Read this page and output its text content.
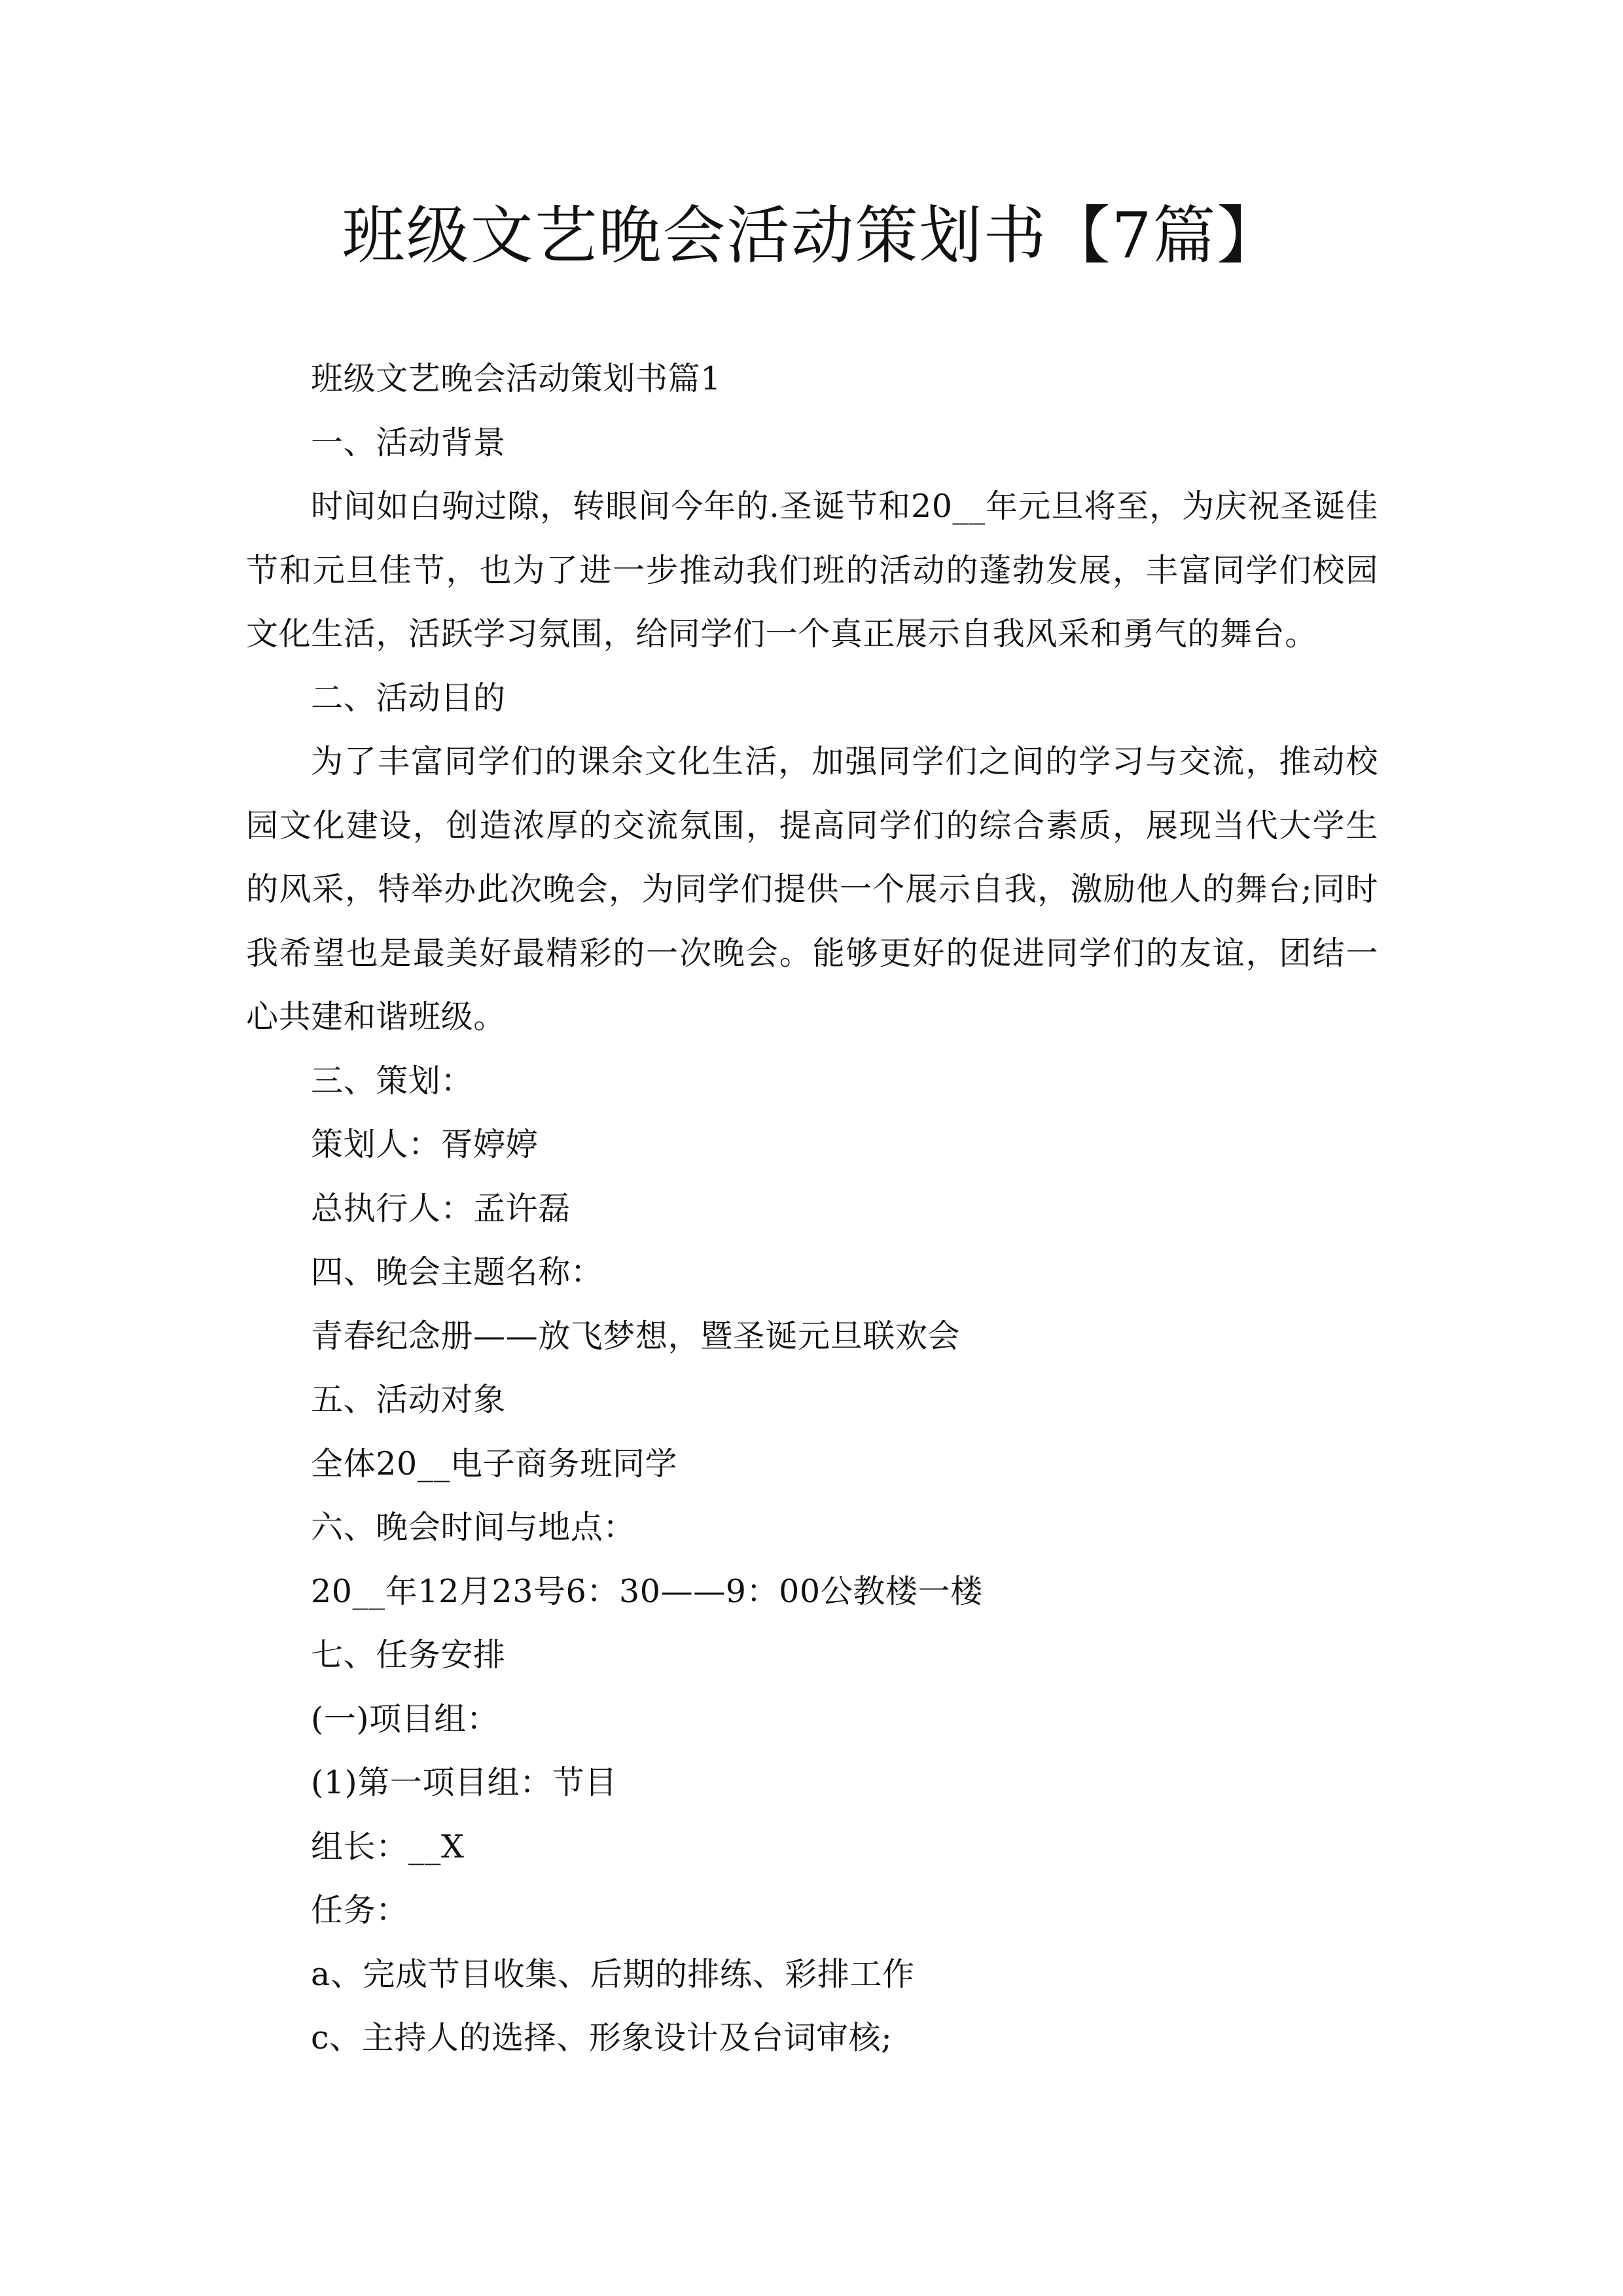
班级文艺晚会活动策划书【7篇】

班级文艺晚会活动策划书篇1

一、活动背景

时间如白驹过隙，转眼间今年的.圣诞节和20__年元旦将至，为庆祝圣诞佳节和元旦佳节，也为了进一步推动我们班的活动的蓬勃发展，丰富同学们校园文化生活，活跃学习氛围，给同学们一个真正展示自我风采和勇气的舞台。

二、活动目的

为了丰富同学们的课余文化生活，加强同学们之间的学习与交流，推动校园文化建设，创造浓厚的交流氛围，提高同学们的综合素质，展现当代大学生的风采，特举办此次晚会，为同学们提供一个展示自我，激励他人的舞台;同时我希望也是最美好最精彩的一次晚会。能够更好的促进同学们的友谊，团结一心共建和谐班级。

三、策划：

策划人：胥婷婷

总执行人：孟许磊

四、晚会主题名称：

青春纪念册——放飞梦想，暨圣诞元旦联欢会

五、活动对象

全体20__电子商务班同学

六、晚会时间与地点：

20__年12月23号6：30——9：00公教楼一楼

七、任务安排

(一)项目组：

(1)第一项目组：节目

组长：__X

任务：

a、完成节目收集、后期的排练、彩排工作

c、主持人的选择、形象设计及台词审核;
